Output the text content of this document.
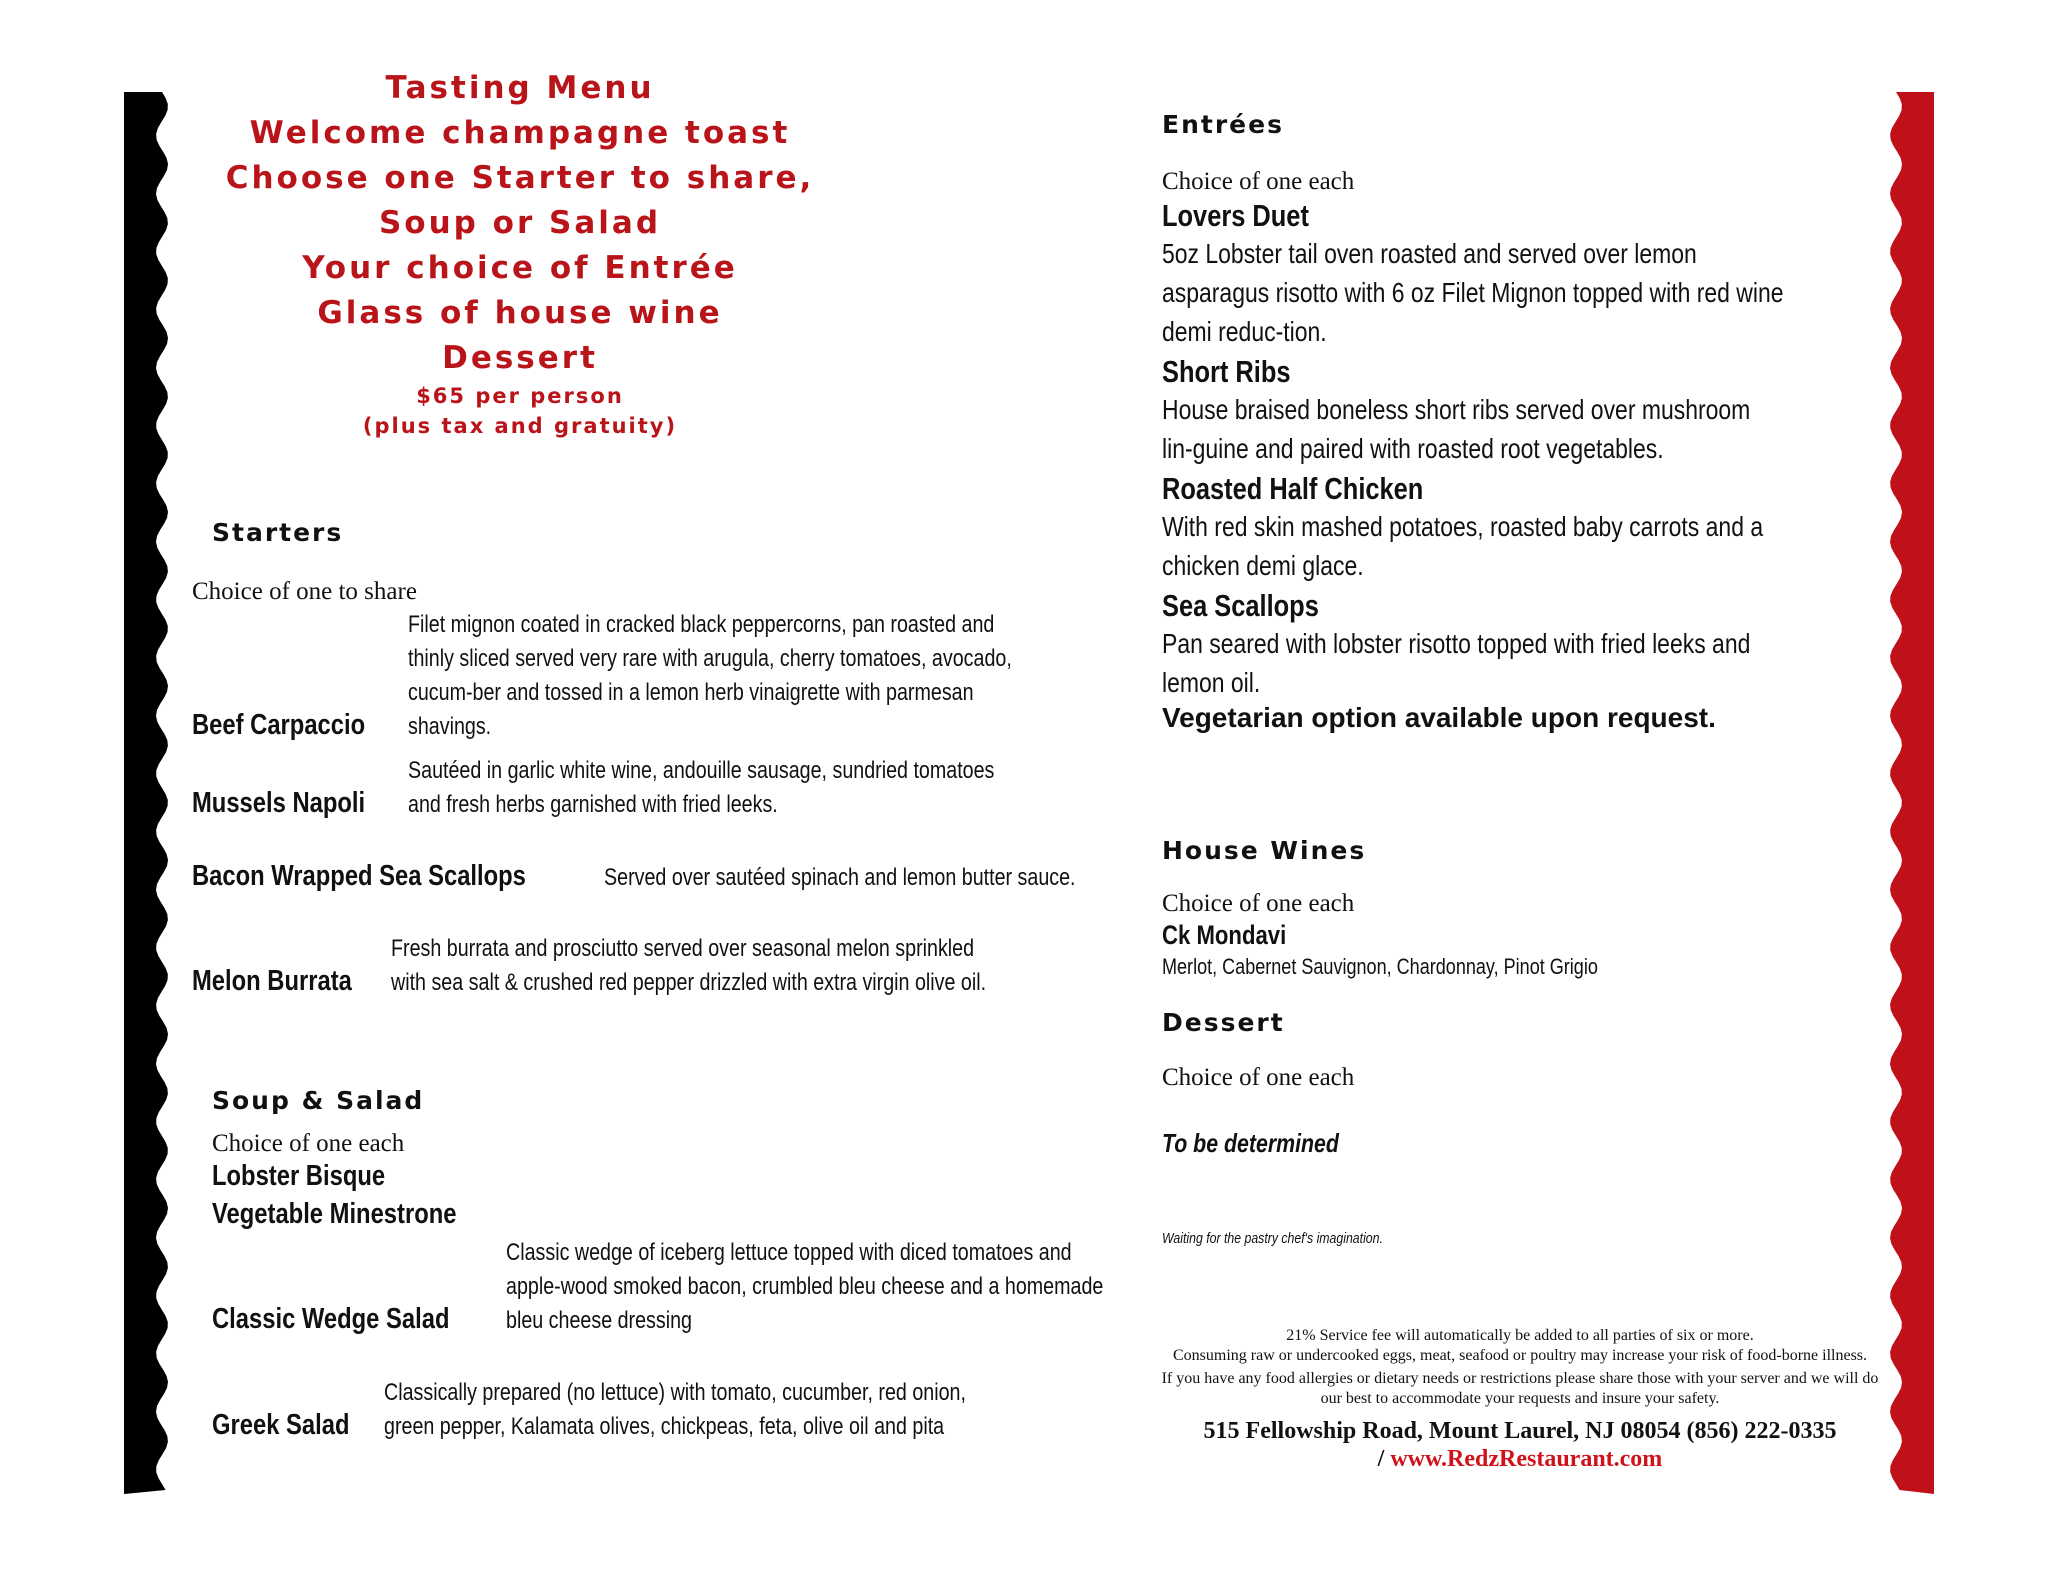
Tasting Menu
Welcome champagne toast
Choose one Starter to share,
Soup or Salad
Your choice of Entrée
Glass of house wine
Dessert
$65 per person
(plus tax and gratuity)
Starters
Choice of one to share
Beef Carpaccio Filet mignon coated in cracked black peppercorns, pan roasted and thinly sliced served very rare with arugula, cherry tomatoes, avocado, cucum-ber and tossed in a lemon herb vinaigrette with parmesan shavings.
Mussels Napoli Sautéed in garlic white wine, andouille sausage, sundried tomatoes and fresh herbs garnished with fried leeks.
Bacon Wrapped Sea Scallops	Served over sautéed spinach and lemon butter sauce.
Melon Burrata Fresh burrata and prosciutto served over seasonal melon sprinkled with sea salt & crushed red pepper drizzled with extra virgin olive oil.
Soup & Salad
Choice of one each
Lobster Bisque
Vegetable Minestrone
Classic Wedge Salad Classic wedge of iceberg lettuce topped with diced tomatoes and apple-wood smoked bacon, crumbled bleu cheese and a homemade bleu cheese dressing
Greek Salad Classically prepared (no lettuce) with tomato, cucumber, red onion, green pepper, Kalamata olives, chickpeas, feta, olive oil and pita
Entrées
Choice of one each
Lovers Duet 5oz Lobster tail oven roasted and served over lemon asparagus risotto with 6 oz Filet Mignon topped with red wine demi reduc-tion.
Short Ribs House braised boneless short ribs served over mushroom lin-guine and paired with roasted root vegetables.
Roasted Half Chicken With red skin mashed potatoes, roasted baby carrots and a chicken demi glace.
Sea Scallops Pan seared with lobster risotto topped with fried leeks and lemon oil.
Vegetarian option available upon request.
House Wines
Choice of one each
Ck Mondavi Merlot, Cabernet Sauvignon, Chardonnay, Pinot Grigio
Dessert
Choice of one each
To be determined
Waiting for the pastry chef's imagination.
21% Service fee will automatically be added to all parties of six or more.
Consuming raw or undercooked eggs, meat, seafood or poultry may increase your risk of food-borne illness.
If you have any food allergies or dietary needs or restrictions please share those with your server and we will do our best to accommodate your requests and insure your safety.
515 Fellowship Road, Mount Laurel, NJ 08054 (856) 222-0335
/ www.RedzRestaurant.com
